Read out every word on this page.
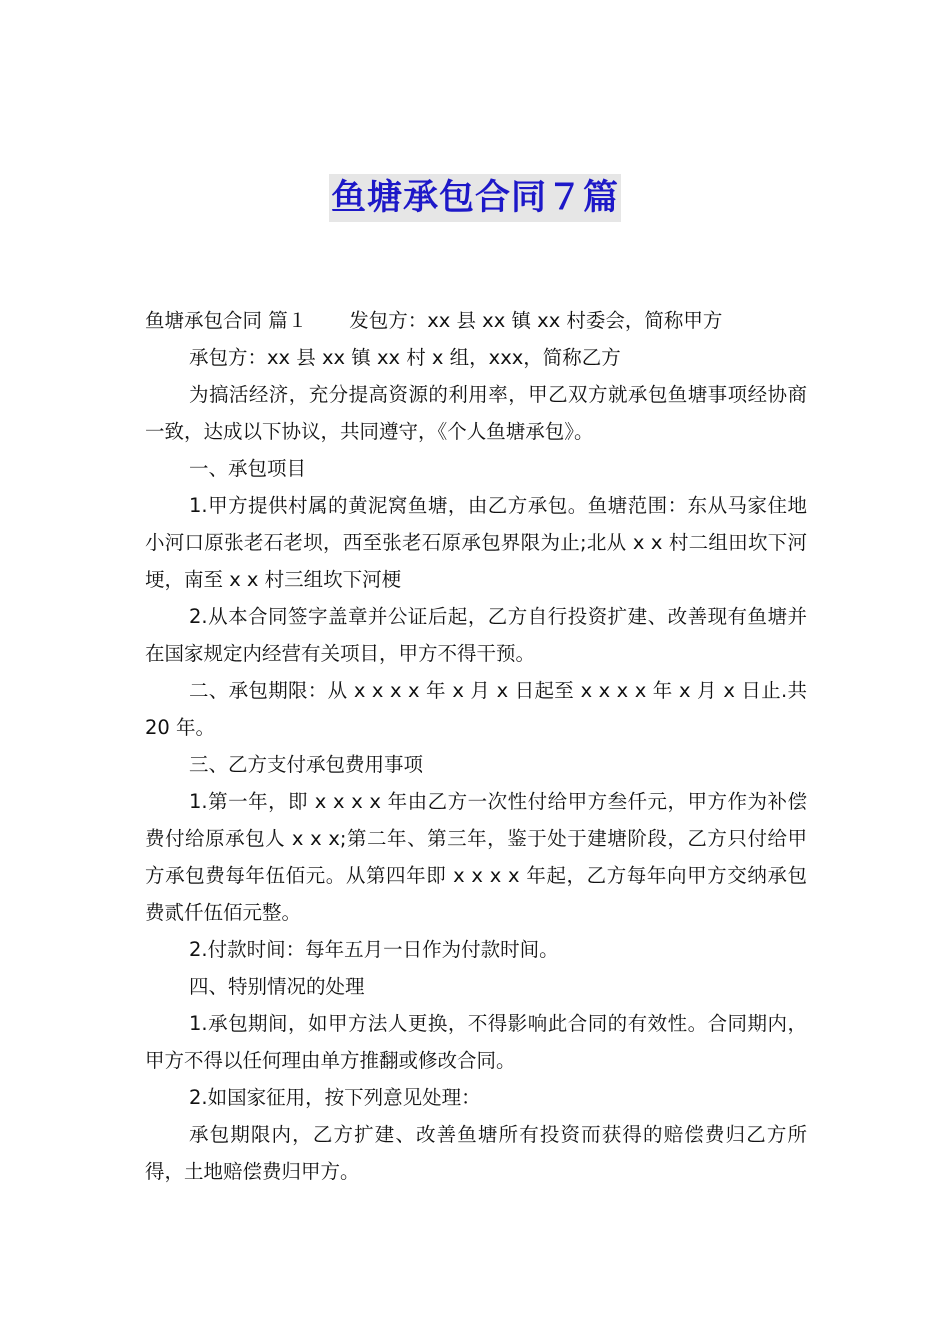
鱼塘承包合同７篇

鱼塘承包合同 篇１ 发包方：xx 县 xx 镇 xx 村委会，简称甲方

承包方：xx 县 xx 镇 xx 村 x 组，xxx，简称乙方

为搞活经济，充分提高资源的利用率，甲乙双方就承包鱼塘事项经协商一致，达成以下协议，共同遵守，《个人鱼塘承包》。

一、承包项目

1.甲方提供村属的黄泥窝鱼塘，由乙方承包。鱼塘范围：东从马家住地小河口原张老石老坝，西至张老石原承包界限为止;北从 x x 村二组田坎下河埂，南至 x x 村三组坎下河梗

2.从本合同签字盖章并公证后起，乙方自行投资扩建、改善现有鱼塘并在国家规定内经营有关项目，甲方不得干预。

二、承包期限：从 x x x x 年 x 月 x 日起至 x x x x 年 x 月 x 日止.共 20 年。

三、乙方支付承包费用事项

1.第一年，即 x x x x 年由乙方一次性付给甲方叁仟元，甲方作为补偿费付给原承包人 x x x;第二年、第三年，鉴于处于建塘阶段，乙方只付给甲方承包费每年伍佰元。从第四年即 x x x x 年起，乙方每年向甲方交纳承包费贰仟伍佰元整。

2.付款时间：每年五月一日作为付款时间。

四、特别情况的处理

1.承包期间，如甲方法人更换，不得影响此合同的有效性。合同期内，甲方不得以任何理由单方推翻或修改合同。

2.如国家征用，按下列意见处理：

承包期限内，乙方扩建、改善鱼塘所有投资而获得的赔偿费归乙方所得，土地赔偿费归甲方。
